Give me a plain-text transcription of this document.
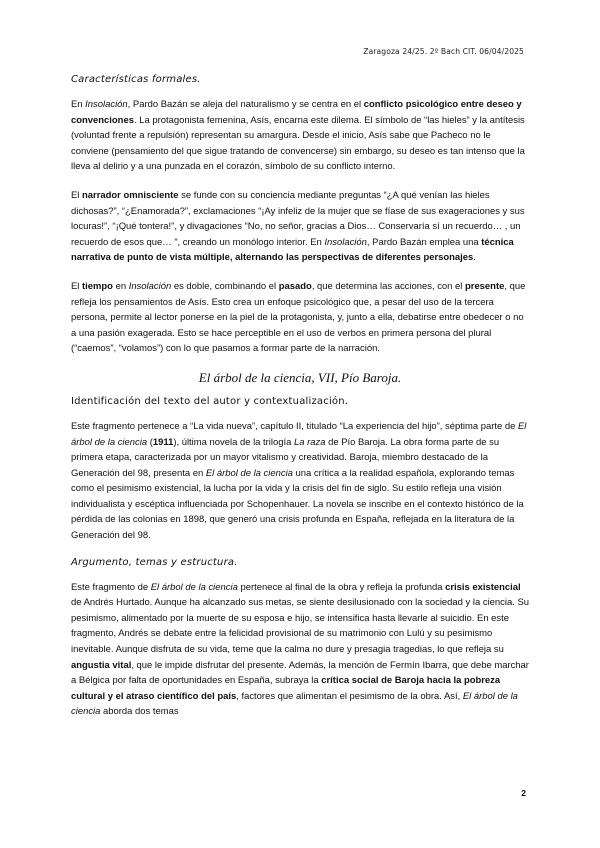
Zaragoza 24/25. 2º Bach CIT. 06/04/2025
Características formales.

En Insolación, Pardo Bazán se aleja del naturalismo y se centra en el conflicto psicológico entre deseo y convenciones. La protagonista femenina, Asís, encarna este dilema. El símbolo de “las hieles” y la antítesis (voluntad frente a repulsión) representan su amargura. Desde el inicio, Asís sabe que Pacheco no le conviene (pensamiento del que sigue tratando de convencerse) sin embargo, su deseo es tan intenso que la lleva al delirio y a una punzada en el corazón, símbolo de su conflicto interno.

El narrador omnisciente se funde con su conciencia mediante preguntas “¿A qué venían las hieles dichosas?”, “¿Enamorada?”, exclamaciones “¡Ay infeliz de la mujer que se fíase de sus exageraciones y sus locuras!”, “¡Qué tontera!”, y divagaciones “No, no señor, gracias a Dios… Conservaría sí un recuerdo… , un recuerdo de esos que… ”, creando un monólogo interior. En Insolación, Pardo Bazán emplea una técnica narrativa de punto de vista múltiple, alternando las perspectivas de diferentes personajes.

El tiempo en Insolación es doble, combinando el pasado, que determina las acciones, con el presente, que refleja los pensamientos de Asís. Esto crea un enfoque psicológico que, a pesar del uso de la tercera persona, permite al lector ponerse en la piel de la protagonista, y, junto a ella, debatirse entre obedecer o no a una pasión exagerada. Esto se hace perceptible en el uso de verbos en primera persona del plural (“caemos”, “volamos”) con lo que pasamos a formar parte de la narración.

El árbol de la ciencia, VII, Pío Baroja.
Identificación del texto del autor y contextualización.

Este fragmento pertenece a “La vida nueva”, capítulo II, titulado “La experiencia del hijo”, séptima parte de El árbol de la ciencia (1911), última novela de la trilogía La raza de Pío Baroja. La obra forma parte de su primera etapa, caracterizada por un mayor vitalismo y creatividad. Baroja, miembro destacado de la Generación del 98, presenta en El árbol de la ciencia una crítica a la realidad española, explorando temas como el pesimismo existencial, la lucha por la vida y la crisis del fin de siglo. Su estilo refleja una visión individualista y escéptica influenciada por Schopenhauer. La novela se inscribe en el contexto histórico de la pérdida de las colonias en 1898, que generó una crisis profunda en España, reflejada en la literatura de la Generación del 98.

Argumento, temas y estructura.

Este fragmento de El árbol de la ciencia pertenece al final de la obra y refleja la profunda crisis existencial de Andrés Hurtado. Aunque ha alcanzado sus metas, se siente desilusionado con la sociedad y la ciencia. Su pesimismo, alimentado por la muerte de su esposa e hijo, se intensifica hasta llevarle al suicidio. En este fragmento, Andrés se debate entre la felicidad provisional de su matrimonio con Lulú y su pesimismo inevitable. Aunque disfruta de su vida, teme que la calma no dure y presagia tragedias, lo que refleja su angustia vital, que le impide disfrutar del presente. Además, la mención de Fermín Ibarra, que debe marchar a Bélgica por falta de oportunidades en España, subraya la crítica social de Baroja hacia la pobreza cultural y el atraso científico del país, factores que alimentan el pesimismo de la obra. Así, El árbol de la ciencia aborda dos temas

2
